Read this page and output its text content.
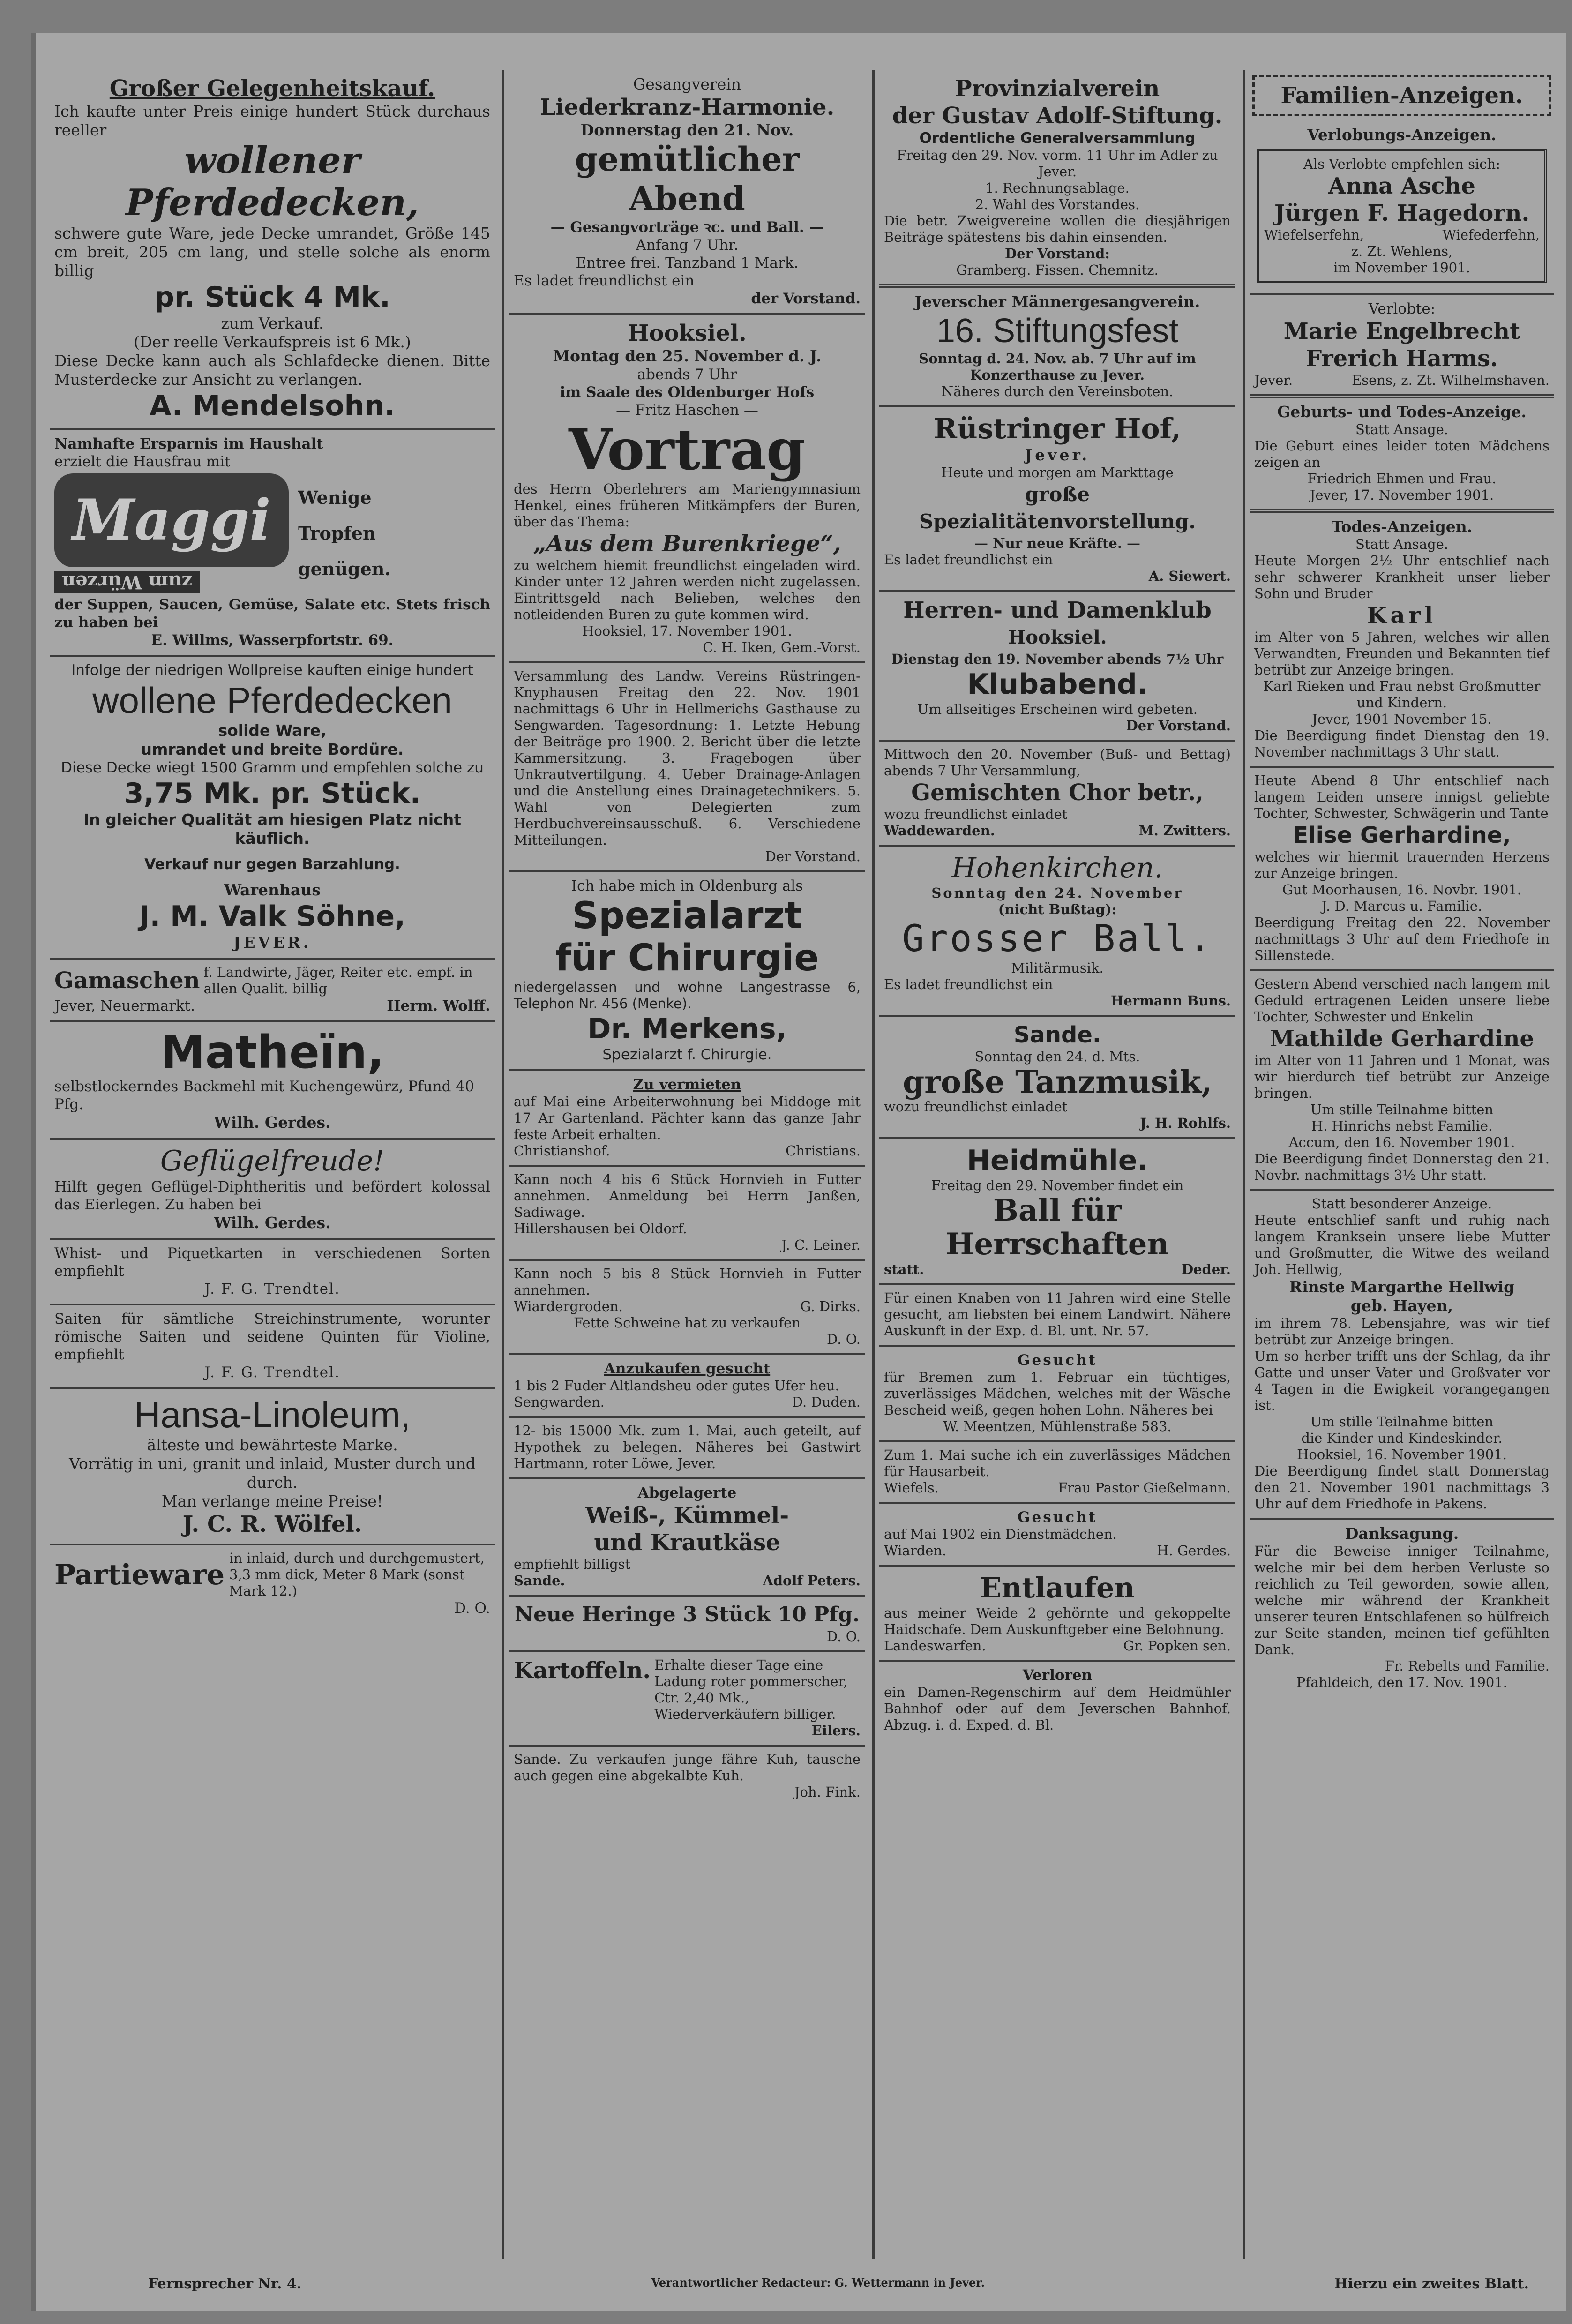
Großer Gelegenheitskauf.

Ich kaufte unter Preis einige hundert Stück durchaus reeller

wollener Pferdedecken,

schwere gute Ware, jede Decke umrandet, Größe 145 cm breit, 205 cm lang, und stelle solche als enorm billig

pr. Stück 4 Mk.

zum Verkauf.

(Der reelle Verkaufspreis ist 6 Mk.)

Diese Decke kann auch als Schlafdecke dienen. Bitte Musterdecke zur Ansicht zu verlangen.

A. Mendelsohn.

Namhafte Ersparnis im Haushalt

erzielt die Hausfrau mit

Maggi
zum Würzen
Wenige
Tropfen
genügen.

der Suppen, Saucen, Gemüse, Salate etc. Stets frisch zu haben bei

E. Willms, Wasserpfortstr. 69.

Infolge der niedrigen Wollpreise kauften einige hundert

wollene Pferdedecken

solide Ware,

umrandet und breite Bordüre.

Diese Decke wiegt 1500 Gramm und empfehlen solche zu

3,75 Mk. pr. Stück.

In gleicher Qualität am hiesigen Platz nicht käuflich.

Verkauf nur gegen Barzahlung.

Warenhaus

J. M. Valk Söhne,

JEVER.

Gamaschen f. Landwirte, Jäger, Reiter etc. empf. in allen Qualit. billig
Jever, Neuermarkt.	Herm. Wolff.

Matheïn,

selbstlockerndes Backmehl mit Kuchengewürz, Pfund 40 Pfg.

Wilh. Gerdes.

Geflügelfreude!

Hilft gegen Geflügel-Diphtheritis und befördert kolossal das Eierlegen. Zu haben bei

Wilh. Gerdes.

Whist- und Piquetkarten in verschiedenen Sorten empfiehlt

J. F. G. Trendtel.

Saiten für sämtliche Streichinstrumente, worunter römische Saiten und seidene Quinten für Violine, empfiehlt

J. F. G. Trendtel.

Hansa-Linoleum,

älteste und bewährteste Marke.

Vorrätig in uni, granit und inlaid, Muster durch und durch.

Man verlange meine Preise!

J. C. R. Wölfel.

Partieware
in inlaid, durch und durchgemustert, 3,3 mm dick, Meter 8 Mark (sonst Mark 12.)

D. O.

Gesangverein

Liederkranz-Harmonie.

Donnerstag den 21. Nov.

gemütlicher Abend

— Gesangvorträge ꝛc. und Ball. —

Anfang 7 Uhr.

Entree frei. Tanzband 1 Mark.

Es ladet freundlichst ein

der Vorstand.

Hooksiel.

Montag den 25. November d. J.

abends 7 Uhr

im Saale des Oldenburger Hofs

— Fritz Haschen —

Vortrag

des Herrn Oberlehrers am Mariengymnasium Henkel, eines früheren Mitkämpfers der Buren, über das Thema:

„Aus dem Burenkriege“,

zu welchem hiemit freundlichst eingeladen wird. Kinder unter 12 Jahren werden nicht zugelassen. Eintrittsgeld nach Belieben, welches den notleidenden Buren zu gute kommen wird.

Hooksiel, 17. November 1901.

C. H. Iken, Gem.-Vorst.

Versammlung des Landw. Vereins Rüstringen-Knyphausen Freitag den 22. Nov. 1901 nachmittags 6 Uhr in Hellmerichs Gasthause zu Sengwarden. Tagesordnung: 1. Letzte Hebung der Beiträge pro 1900. 2. Bericht über die letzte Kammersitzung. 3. Fragebogen über Unkrautvertilgung. 4. Ueber Drainage-Anlagen und die Anstellung eines Drainagetechnikers. 5. Wahl von Delegierten zum Herdbuchvereinsausschuß. 6. Verschiedene Mitteilungen.

Der Vorstand.

Ich habe mich in Oldenburg als

Spezialarzt

für Chirurgie

niedergelassen und wohne Langestrasse 6, Telephon Nr. 456 (Menke).

Dr. Merkens,

Spezialarzt f. Chirurgie.

Zu vermieten

auf Mai eine Arbeiterwohnung bei Middoge mit 17 Ar Gartenland. Pächter kann das ganze Jahr feste Arbeit erhalten.

Christianshof.	Christians.

Kann noch 4 bis 6 Stück Hornvieh in Futter annehmen. Anmeldung bei Herrn Janßen, Sadiwage.

Hillershausen bei Oldorf.

J. C. Leiner.

Kann noch 5 bis 8 Stück Hornvieh in Futter annehmen.

Wiardergroden.	G. Dirks.

Fette Schweine hat zu verkaufen

D. O.

Anzukaufen gesucht

1 bis 2 Fuder Altlandsheu oder gutes Ufer heu.

Sengwarden.	D. Duden.

12- bis 15000 Mk. zum 1. Mai, auch geteilt, auf Hypothek zu belegen. Näheres bei Gastwirt Hartmann, roter Löwe, Jever.

Abgelagerte

Weiß-, Kümmel-

und Krautkäse

empfiehlt billigst

Sande.	Adolf Peters.

Neue Heringe 3 Stück 10 Pfg.

D. O.

Kartoffeln. Erhalte dieser Tage eine Ladung roter pommerscher, Ctr. 2,40 Mk., Wiederverkäufern billiger.

Eilers.

Sande. Zu verkaufen junge fähre Kuh, tausche auch gegen eine abgekalbte Kuh.

Joh. Fink.

Provinzialverein

der Gustav Adolf-Stiftung.

Ordentliche Generalversammlung

Freitag den 29. Nov. vorm. 11 Uhr im Adler zu Jever.

1. Rechnungsablage.

2. Wahl des Vorstandes.

Die betr. Zweigvereine wollen die diesjährigen Beiträge spätestens bis dahin einsenden.

Der Vorstand:

Gramberg. Fissen. Chemnitz.

Jeverscher Männergesangverein.

16. Stiftungsfest

Sonntag d. 24. Nov. ab. 7 Uhr auf im Konzerthause zu Jever.

Näheres durch den Vereinsboten.

Rüstringer Hof,

Jever.

Heute und morgen am Markttage

große Spezialitätenvorstellung.

— Nur neue Kräfte. —

Es ladet freundlichst ein

A. Siewert.

Herren- und Damenklub

Hooksiel.

Dienstag den 19. November abends 7½ Uhr

Klubabend.

Um allseitiges Erscheinen wird gebeten.

Der Vorstand.

Mittwoch den 20. November (Buß- und Bettag) abends 7 Uhr Versammlung,

Gemischten Chor betr.,

wozu freundlichst einladet

Waddewarden.	M. Zwitters.

Hohenkirchen.

Sonntag den 24. November

(nicht Bußtag):

Grosser Ball.

Militärmusik.

Es ladet freundlichst ein

Hermann Buns.

Sande.

Sonntag den 24. d. Mts.

große Tanzmusik,

wozu freundlichst einladet

J. H. Rohlfs.

Heidmühle.

Freitag den 29. November findet ein

Ball für Herrschaften

statt.	Deder.

Für einen Knaben von 11 Jahren wird eine Stelle gesucht, am liebsten bei einem Landwirt. Nähere Auskunft in der Exp. d. Bl. unt. Nr. 57.

Gesucht

für Bremen zum 1. Februar ein tüchtiges, zuverlässiges Mädchen, welches mit der Wäsche Bescheid weiß, gegen hohen Lohn. Näheres bei

W. Meentzen, Mühlenstraße 583.

Zum 1. Mai suche ich ein zuverlässiges Mädchen für Hausarbeit.

Wiefels.	Frau Pastor Gießelmann.

Gesucht

auf Mai 1902 ein Dienstmädchen.

Wiarden.	H. Gerdes.

Entlaufen

aus meiner Weide 2 gehörnte und gekoppelte Haidschafe. Dem Auskunftgeber eine Belohnung.

Landeswarfen.	Gr. Popken sen.

Verloren

ein Damen-Regenschirm auf dem Heidmühler Bahnhof oder auf dem Jeverschen Bahnhof. Abzug. i. d. Exped. d. Bl.

Familien-Anzeigen.

Verlobungs-Anzeigen.

Als Verlobte empfehlen sich:

Anna Asche

Jürgen F. Hagedorn.

Wiefelserfehn,	Wiefederfehn,

z. Zt. Wehlens,

im November 1901.

Verlobte:

Marie Engelbrecht

Frerich Harms.

Jever.	Esens, z. Zt. Wilhelmshaven.

Geburts- und Todes-Anzeige.

Statt Ansage.

Die Geburt eines leider toten Mädchens zeigen an

Friedrich Ehmen und Frau.

Jever, 17. November 1901.

Todes-Anzeigen.

Statt Ansage.

Heute Morgen 2½ Uhr entschlief nach sehr schwerer Krankheit unser lieber Sohn und Bruder

Karl

im Alter von 5 Jahren, welches wir allen Verwandten, Freunden und Bekannten tief betrübt zur Anzeige bringen.

Karl Rieken und Frau nebst Großmutter und Kindern.

Jever, 1901 November 15.

Die Beerdigung findet Dienstag den 19. November nachmittags 3 Uhr statt.

Heute Abend 8 Uhr entschlief nach langem Leiden unsere innigst geliebte Tochter, Schwester, Schwägerin und Tante

Elise Gerhardine,

welches wir hiermit trauernden Herzens zur Anzeige bringen.

Gut Moorhausen, 16. Novbr. 1901.

J. D. Marcus u. Familie.

Beerdigung Freitag den 22. November nachmittags 3 Uhr auf dem Friedhofe in Sillenstede.

Gestern Abend verschied nach langem mit Geduld ertragenen Leiden unsere liebe Tochter, Schwester und Enkelin

Mathilde Gerhardine

im Alter von 11 Jahren und 1 Monat, was wir hierdurch tief betrübt zur Anzeige bringen.

Um stille Teilnahme bitten

H. Hinrichs nebst Familie.

Accum, den 16. November 1901.

Die Beerdigung findet Donnerstag den 21. Novbr. nachmittags 3½ Uhr statt.

Statt besonderer Anzeige.

Heute entschlief sanft und ruhig nach langem Kranksein unsere liebe Mutter und Großmutter, die Witwe des weiland Joh. Hellwig,

Rinste Margarthe Hellwig

geb. Hayen,

im ihrem 78. Lebensjahre, was wir tief betrübt zur Anzeige bringen.

Um so herber trifft uns der Schlag, da ihr Gatte und unser Vater und Großvater vor 4 Tagen in die Ewigkeit vorangegangen ist.

Um stille Teilnahme bitten

die Kinder und Kindeskinder.

Hooksiel, 16. November 1901.

Die Beerdigung findet statt Donnerstag den 21. November 1901 nachmittags 3 Uhr auf dem Friedhofe in Pakens.

Danksagung.

Für die Beweise inniger Teilnahme, welche mir bei dem herben Verluste so reichlich zu Teil geworden, sowie allen, welche mir während der Krankheit unserer teuren Entschlafenen so hülfreich zur Seite standen, meinen tief gefühlten Dank.

Fr. Rebelts und Familie.

Pfahldeich, den 17. Nov. 1901.

Fernsprecher Nr. 4.	Verantwortlicher Redacteur: G. Wettermann in Jever.	Hierzu ein zweites Blatt.
